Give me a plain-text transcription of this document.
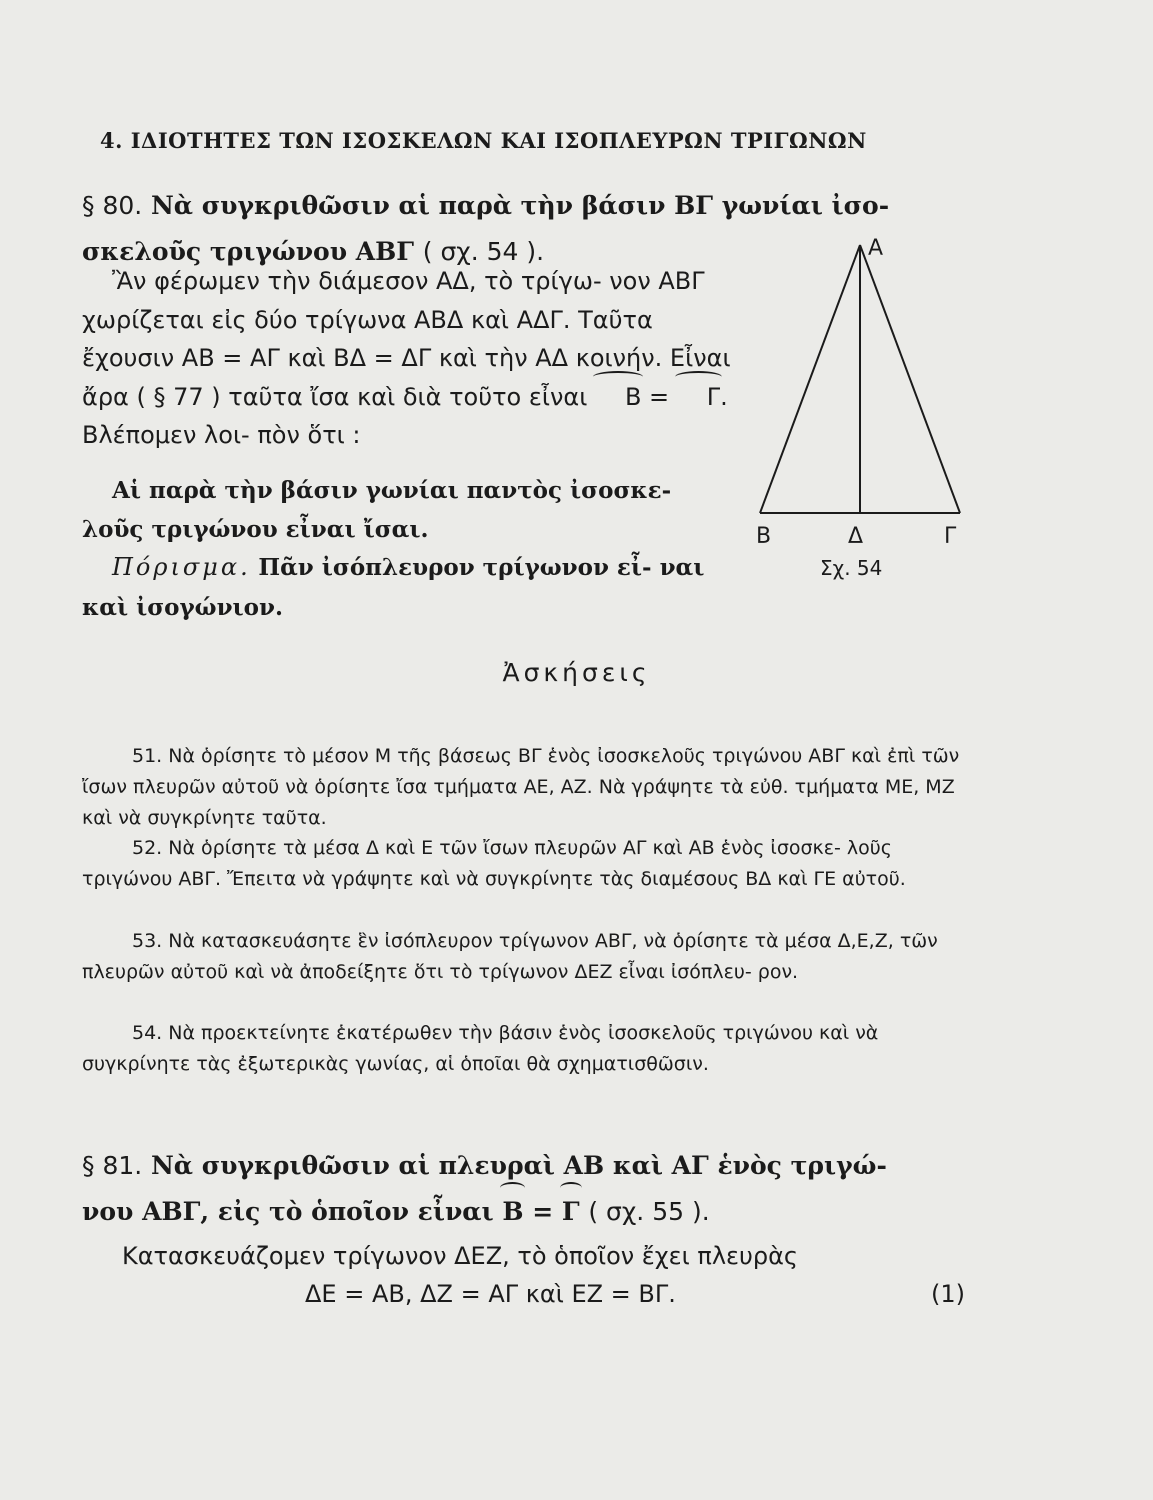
4. ΙΔΙΟΤΗΤΕΣ ΤΩΝ ΙΣΟΣΚΕΛΩΝ ΚΑΙ ΙΣΟΠΛΕΥΡΩΝ ΤΡΙΓΩΝΩΝ

§ 80. Νὰ συγκριθῶσιν αἱ παρὰ τὴν βάσιν ΒΓ γωνίαι ἰσο-
σκελοῦς τριγώνου ΑΒΓ ( σχ. 54 ).

Ἂν φέρωμεν τὴν διάμεσον ΑΔ, τὸ τρίγω- νον ΑΒΓ χωρίζεται εἰς δύο τρίγωνα ΑΒΔ καὶ ΑΔΓ. Ταῦτα ἔχουσιν ΑΒ = ΑΓ καὶ ΒΔ = ΔΓ καὶ τὴν ΑΔ κοινήν. Εἶναι ἄρα ( § 77 ) ταῦτα ἴσα καὶ διὰ τοῦτο εἶναι Β = Γ. Βλέπομεν λοι- πὸν ὅτι :

Αἱ παρὰ τὴν βάσιν γωνίαι παντὸς ἰσοσκε- λοῦς τριγώνου εἶναι ἴσαι.

Πόρισμα. Πᾶν ἰσόπλευρον τρίγωνον εἶ- ναι καὶ ἰσογώνιον.

Α
Β	Δ	Γ
Σχ. 54
Ἀσκήσεις

51. Νὰ ὁρίσητε τὸ μέσον Μ τῆς βάσεως ΒΓ ἑνὸς ἰσοσκελοῦς τριγώνου ΑΒΓ καὶ ἐπὶ τῶν ἴσων πλευρῶν αὐτοῦ νὰ ὁρίσητε ἴσα τμήματα ΑΕ, ΑΖ. Νὰ γράψητε τὰ εὐθ. τμήματα ΜΕ, ΜΖ καὶ νὰ συγκρίνητε ταῦτα.

52. Νὰ ὁρίσητε τὰ μέσα Δ καὶ Ε τῶν ἴσων πλευρῶν ΑΓ καὶ ΑΒ ἑνὸς ἰσοσκε- λοῦς τριγώνου ΑΒΓ. Ἔπειτα νὰ γράψητε καὶ νὰ συγκρίνητε τὰς διαμέσους ΒΔ καὶ ΓΕ αὐτοῦ.

53. Νὰ κατασκευάσητε ἓν ἰσόπλευρον τρίγωνον ΑΒΓ, νὰ ὁρίσητε τὰ μέσα Δ,Ε,Ζ, τῶν πλευρῶν αὐτοῦ καὶ νὰ ἀποδείξητε ὅτι τὸ τρίγωνον ΔΕΖ εἶναι ἰσόπλευ- ρον.

54. Νὰ προεκτείνητε ἑκατέρωθεν τὴν βάσιν ἑνὸς ἰσοσκελοῦς τριγώνου καὶ νὰ συγκρίνητε τὰς ἐξωτερικὰς γωνίας, αἱ ὁποῖαι θὰ σχηματισθῶσιν.

§ 81. Νὰ συγκριθῶσιν αἱ πλευραὶ ΑΒ καὶ ΑΓ ἑνὸς τριγώ-
νου ΑΒΓ, εἰς τὸ ὁποῖον εἶναι Β = Γ ( σχ. 55 ).

Κατασκευάζομεν τρίγωνον ΔΕΖ, τὸ ὁποῖον ἔχει πλευρὰς

ΔΕ = ΑΒ, ΔΖ = ΑΓ καὶ ΕΖ = ΒΓ.	(1)
